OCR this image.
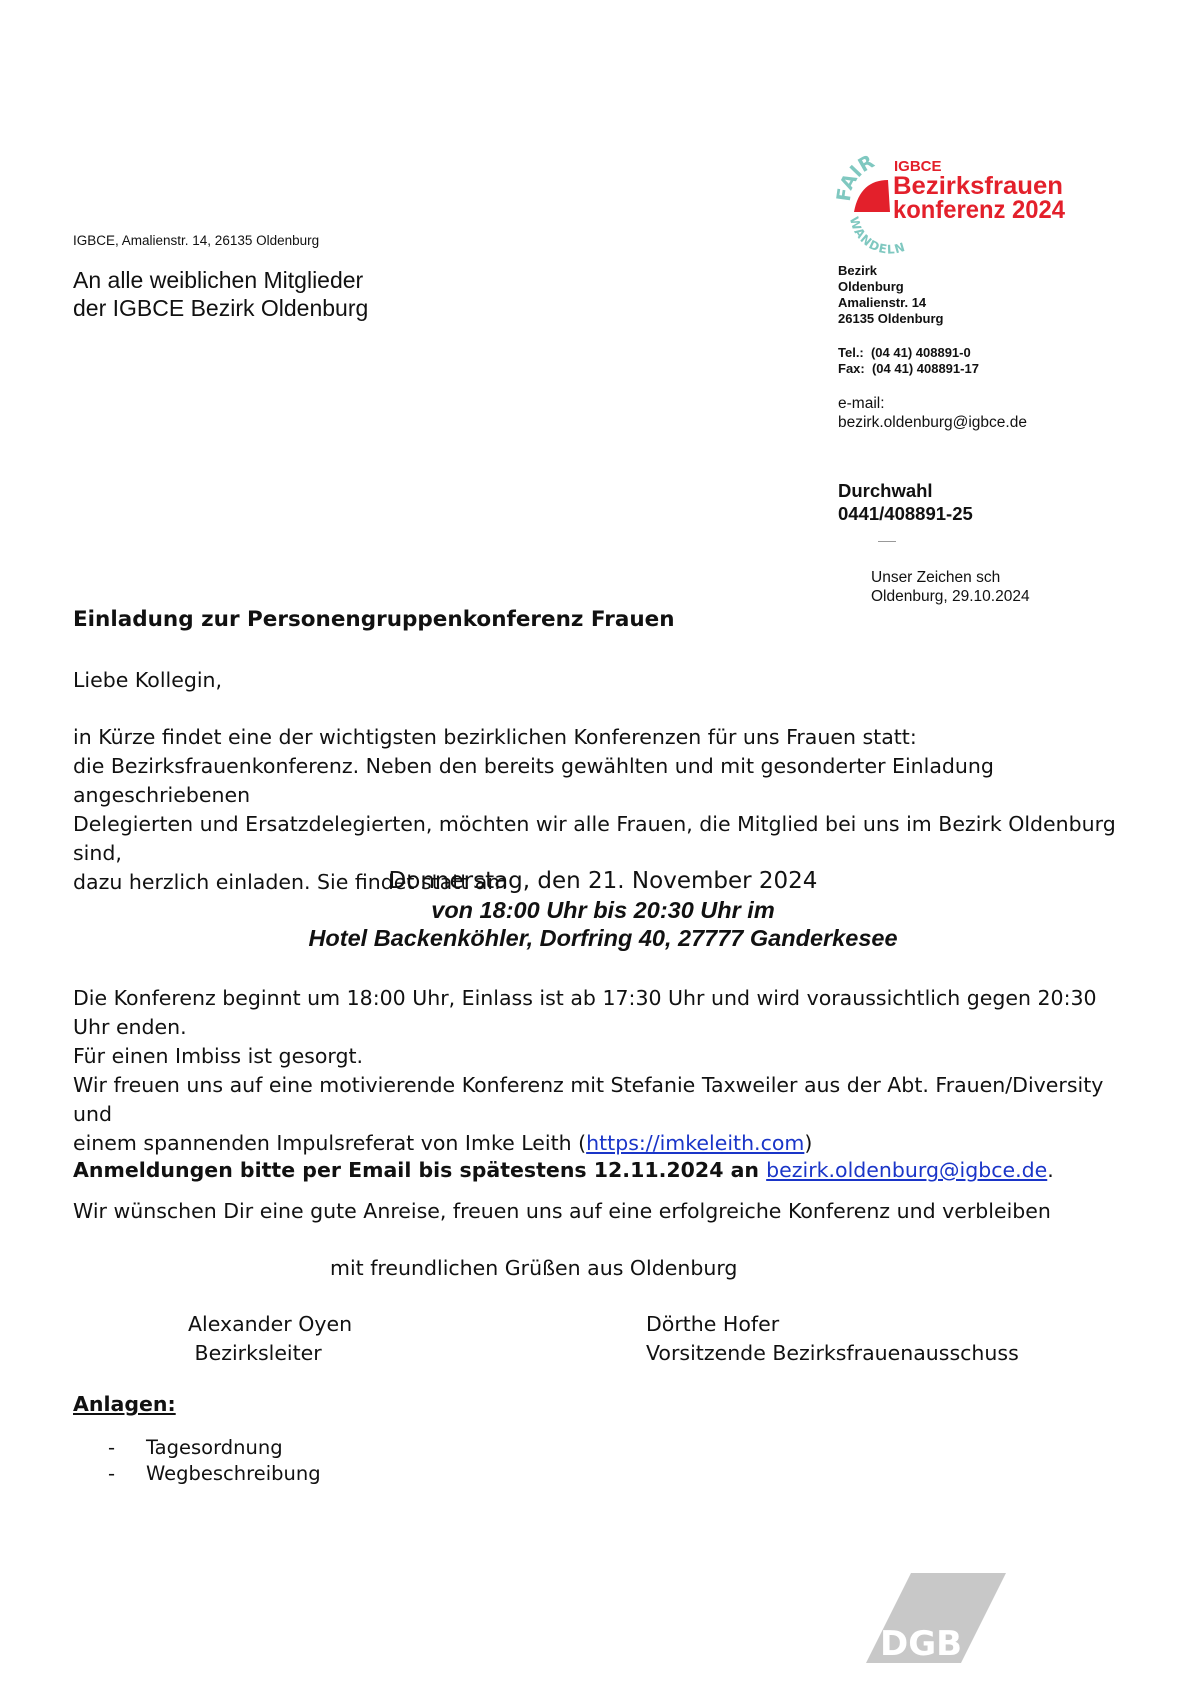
IGBCE, Amalienstr. 14, 26135 Oldenburg
An alle weiblichen Mitglieder
der IGBCE Bezirk Oldenburg
FAIR
WANDELN
IGBCE
Bezirksfrauen
konferenz 2024
Bezirk
Oldenburg
Amalienstr. 14
26135 Oldenburg
Tel.:  (04 41) 408891-0
Fax:  (04 41) 408891-17
e-mail:
bezirk.oldenburg@igbce.de
Durchwahl
0441/408891-25
Unser Zeichen sch
Oldenburg, 29.10.2024
Einladung zur Personengruppenkonferenz Frauen
Liebe Kollegin,
in Kürze findet eine der wichtigsten bezirklichen Konferenzen für uns Frauen statt:
die Bezirksfrauenkonferenz. Neben den bereits gewählten und mit gesonderter Einladung angeschriebenen
Delegierten und Ersatzdelegierten, möchten wir alle Frauen, die Mitglied bei uns im Bezirk Oldenburg sind,
dazu herzlich einladen. Sie findet statt am
Donnerstag, den 21. November 2024
von 18:00 Uhr bis 20:30 Uhr im
Hotel Backenköhler, Dorfring 40, 27777 Ganderkesee
Die Konferenz beginnt um 18:00 Uhr, Einlass ist ab 17:30 Uhr und wird voraussichtlich gegen 20:30 Uhr enden.
Für einen Imbiss ist gesorgt.
Wir freuen uns auf eine motivierende Konferenz mit Stefanie Taxweiler aus der Abt. Frauen/Diversity und
einem spannenden Impulsreferat von Imke Leith (https://imkeleith.com)
Anmeldungen bitte per Email bis spätestens 12.11.2024 an bezirk.oldenburg@igbce.de.
Wir wünschen Dir eine gute Anreise, freuen uns auf eine erfolgreiche Konferenz und verbleiben
mit freundlichen Grüßen aus Oldenburg
Alexander Oyen
Bezirksleiter
Dörthe Hofer
Vorsitzende Bezirksfrauenausschuss
Anlagen:
- Tagesordnung
- Wegbeschreibung
DGB
